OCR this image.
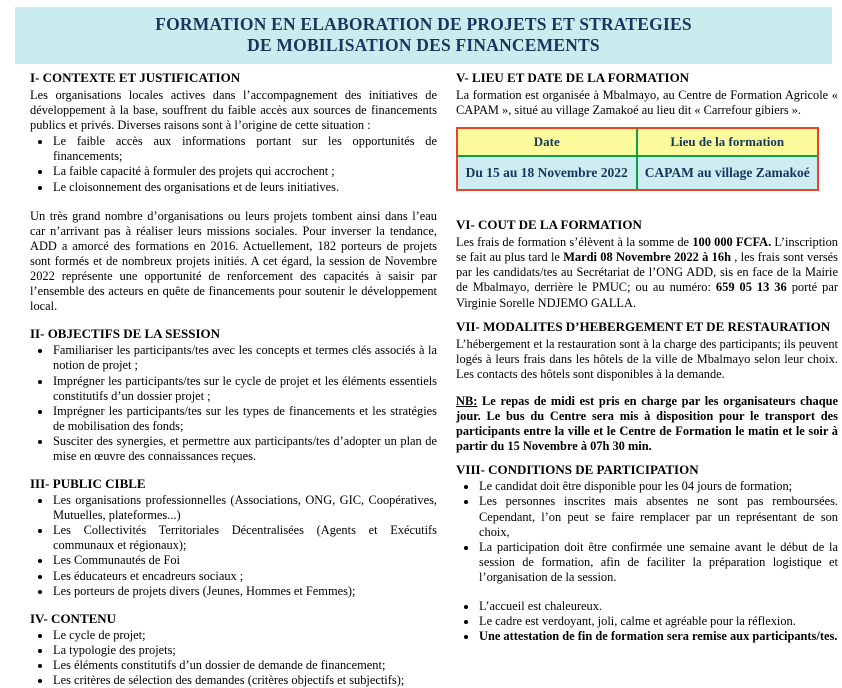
FORMATION EN ELABORATION DE PROJETS ET STRATEGIES
DE MOBILISATION DES FINANCEMENTS
I- CONTEXTE ET JUSTIFICATION

Les organisations locales actives dans l’accompagnement des initiatives de développement à la base, souffrent du faible accès aux sources de financements publics et privés. Diverses raisons sont à l’origine de cette situation :

• Le faible accès aux informations portant sur les opportunités de financements;
• La faible capacité à formuler des projets qui accrochent ;
• Le cloisonnement des organisations et de leurs initiatives.

Un très grand nombre d’organisations ou leurs projets tombent ainsi dans l’eau car n’arrivant pas à réaliser leurs missions sociales. Pour inverser la tendance, ADD a amorcé des formations en 2016. Actuellement, 182 porteurs de projets sont formés et de nombreux projets initiés. A cet égard, la session de Novembre 2022 représente une opportunité de renforcement des capacités à saisir par l’ensemble des acteurs en quête de financements pour soutenir le développement local.

II- OBJECTIFS DE LA SESSION
• Familiariser les participants/tes avec les concepts et termes clés associés à la notion de projet ;
• Imprégner les participants/tes sur le cycle de projet et les éléments essentiels constitutifs d’un dossier projet ;
• Imprégner les participants/tes sur les types de financements et les stratégies de mobilisation des fonds;
• Susciter des synergies, et permettre aux participants/tes d’adopter un plan de mise en œuvre des connaissances reçues.
III- PUBLIC CIBLE
• Les organisations professionnelles (Associations, ONG, GIC, Coopératives, Mutuelles, plateformes...)
• Les Collectivités Territoriales Décentralisées (Agents et Exécutifs communaux et régionaux);
• Les Communautés de Foi
• Les éducateurs et encadreurs sociaux ;
• Les porteurs de projets divers (Jeunes, Hommes et Femmes);
IV- CONTENU
• Le cycle de projet;
• La typologie des projets;
• Les éléments constitutifs d’un dossier de demande de financement;
• Les critères de sélection des demandes (critères objectifs et subjectifs);
V- LIEU ET DATE DE LA FORMATION

La formation est organisée à Mbalmayo, au Centre de Formation Agricole « CAPAM », situé au village Zamakoé au lieu dit « Carrefour gibiers ».

Date	Lieu de la formation
Du 15 au 18 Novembre 2022	CAPAM au village Zamakoé
VI- COUT DE LA FORMATION

Les frais de formation s’élèvent à la somme de 100 000 FCFA. L’inscription se fait au plus tard le Mardi 08 Novembre 2022 à 16h , les frais sont versés par les candidats/tes au Secrétariat de l’ONG ADD, sis en face de la Mairie de Mbalmayo, derrière le PMUC; ou au numéro: 659 05 13 36 porté par Virginie Sorelle NDJEMO GALLA.

VII- MODALITES D’HEBERGEMENT ET DE RESTAURATION

L’hébergement et la restauration sont à la charge des participants; ils peuvent logés à leurs frais dans les hôtels de la ville de Mbalmayo selon leur choix. Les contacts des hôtels sont disponibles à la demande.

NB: Le repas de midi est pris en charge par les organisateurs chaque jour. Le bus du Centre sera mis à disposition pour le transport des participants entre la ville et le Centre de Formation le matin et le soir à partir du 15 Novembre à 07h 30 min.

VIII- CONDITIONS DE PARTICIPATION
• Le candidat doit être disponible pour les 04 jours de formation;
• Les personnes inscrites mais absentes ne sont pas remboursées. Cependant, l’on peut se faire remplacer par un représentant de son choix,
• La participation doit être confirmée une semaine avant le début de la session de formation, afin de faciliter la préparation logistique et l’organisation de la session.
• L’accueil est chaleureux.
• Le cadre est verdoyant, joli, calme et agréable pour la réflexion.
• Une attestation de fin de formation sera remise aux participants/tes.
